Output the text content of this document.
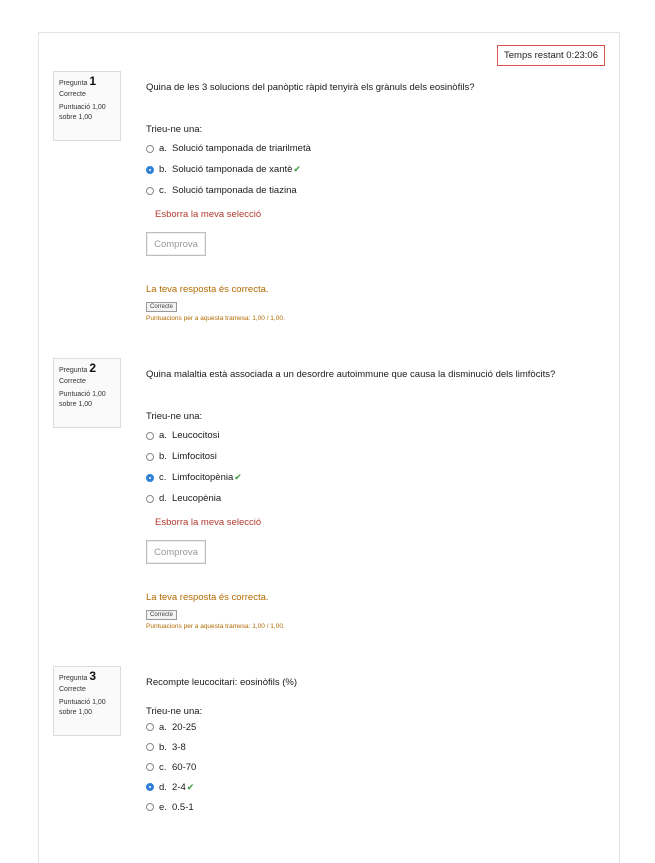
Temps restant 0:23:06
Pregunta 1
Correcte
Puntuació 1,00 sobre 1,00
Quina de les 3 solucions del panòptic ràpid tenyirà els grànuls dels eosinòfils?
Trieu-ne una:
a. Solució tamponada de triarilmetà
b. Solució tamponada de xantè ✔
c. Solució tamponada de tiazina
Esborra la meva selecció
Comprova
La teva resposta és correcta.
Correcte
Puntuacions per a aquesta tramesa: 1,00 / 1,00.
Pregunta 2
Correcte
Puntuació 1,00 sobre 1,00
Quina malaltia està associada a un desordre autoimmune que causa la disminució dels limfòcits?
Trieu-ne una:
a. Leucocitosi
b. Limfocitosi
c. Limfocitopènia ✔
d. Leucopènia
Esborra la meva selecció
Comprova
La teva resposta és correcta.
Correcte
Puntuacions per a aquesta tramesa: 1,00 / 1,00.
Pregunta 3
Correcte
Puntuació 1,00 sobre 1,00
Recompte leucocitari: eosinòfils (%)
Trieu-ne una:
a. 20-25
b. 3-8
c. 60-70
d. 2-4 ✔
e. 0.5-1
